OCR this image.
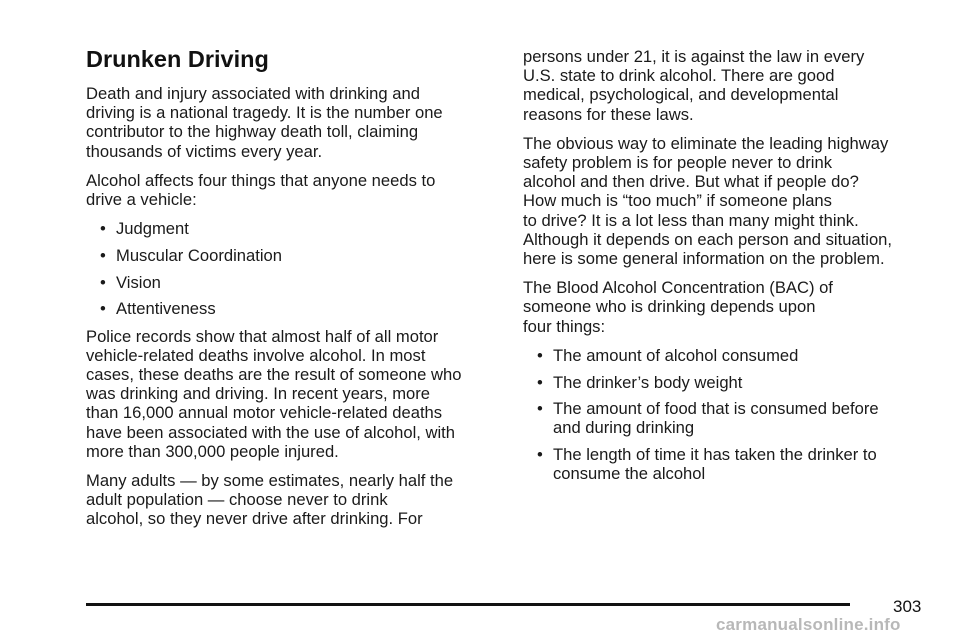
Drunken Driving

Death and injury associated with drinking and
driving is a national tragedy. It is the number one
contributor to the highway death toll, claiming
thousands of victims every year.

Alcohol affects four things that anyone needs to
drive a vehicle:

• Judgment
• Muscular Coordination
• Vision
• Attentiveness

Police records show that almost half of all motor
vehicle-related deaths involve alcohol. In most
cases, these deaths are the result of someone who
was drinking and driving. In recent years, more
than 16,000 annual motor vehicle-related deaths
have been associated with the use of alcohol, with
more than 300,000 people injured.

Many adults — by some estimates, nearly half the
adult population — choose never to drink
alcohol, so they never drive after drinking. For

persons under 21, it is against the law in every
U.S. state to drink alcohol. There are good
medical, psychological, and developmental
reasons for these laws.

The obvious way to eliminate the leading highway
safety problem is for people never to drink
alcohol and then drive. But what if people do?
How much is “too much” if someone plans
to drive? It is a lot less than many might think.
Although it depends on each person and situation,
here is some general information on the problem.

The Blood Alcohol Concentration (BAC) of
someone who is drinking depends upon
four things:

• The amount of alcohol consumed
• The drinker’s body weight
• The amount of food that is consumed before
and during drinking
• The length of time it has taken the drinker to
consume the alcohol
303
carmanualsonline.info
